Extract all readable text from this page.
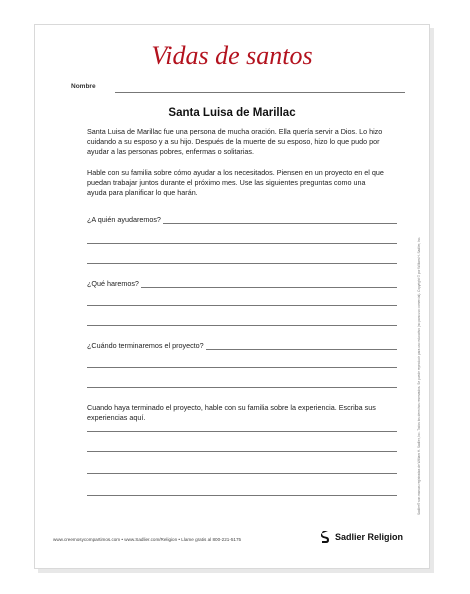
Vidas de santos
Nombre
Santa Luisa de Marillac
Santa Luisa de Marillac fue una persona de mucha oración. Ella quería servir a Dios. Lo hizo cuidando a su esposo y a su hijo. Después de la muerte de su esposo, hizo lo que pudo por ayudar a las personas pobres, enfermas o solitarias.
Hable con su familia sobre cómo ayudar a los necesitados. Piensen en un proyecto en el que puedan trabajar juntos durante el próximo mes. Use las siguientes preguntas como una ayuda para planificar lo que harán.
¿A quién ayudaremos?
¿Qué haremos?
¿Cuándo terminaremos el proyecto?
Cuando haya terminado el proyecto, hable con su familia sobre la experiencia. Escriba sus experiencias aquí.
www.creemosycompartimos.com • www.Sadlier.com/Religion • Llame gratis al 800-221-5175	Sadlier Religion
Sadlier® son marcas registradas de William H. Sadlier, Inc. Todos los derechos reservados. Se puede reproducir para uso educativo (no para uso comercial). Copyright © por William H. Sadlier, Inc.
